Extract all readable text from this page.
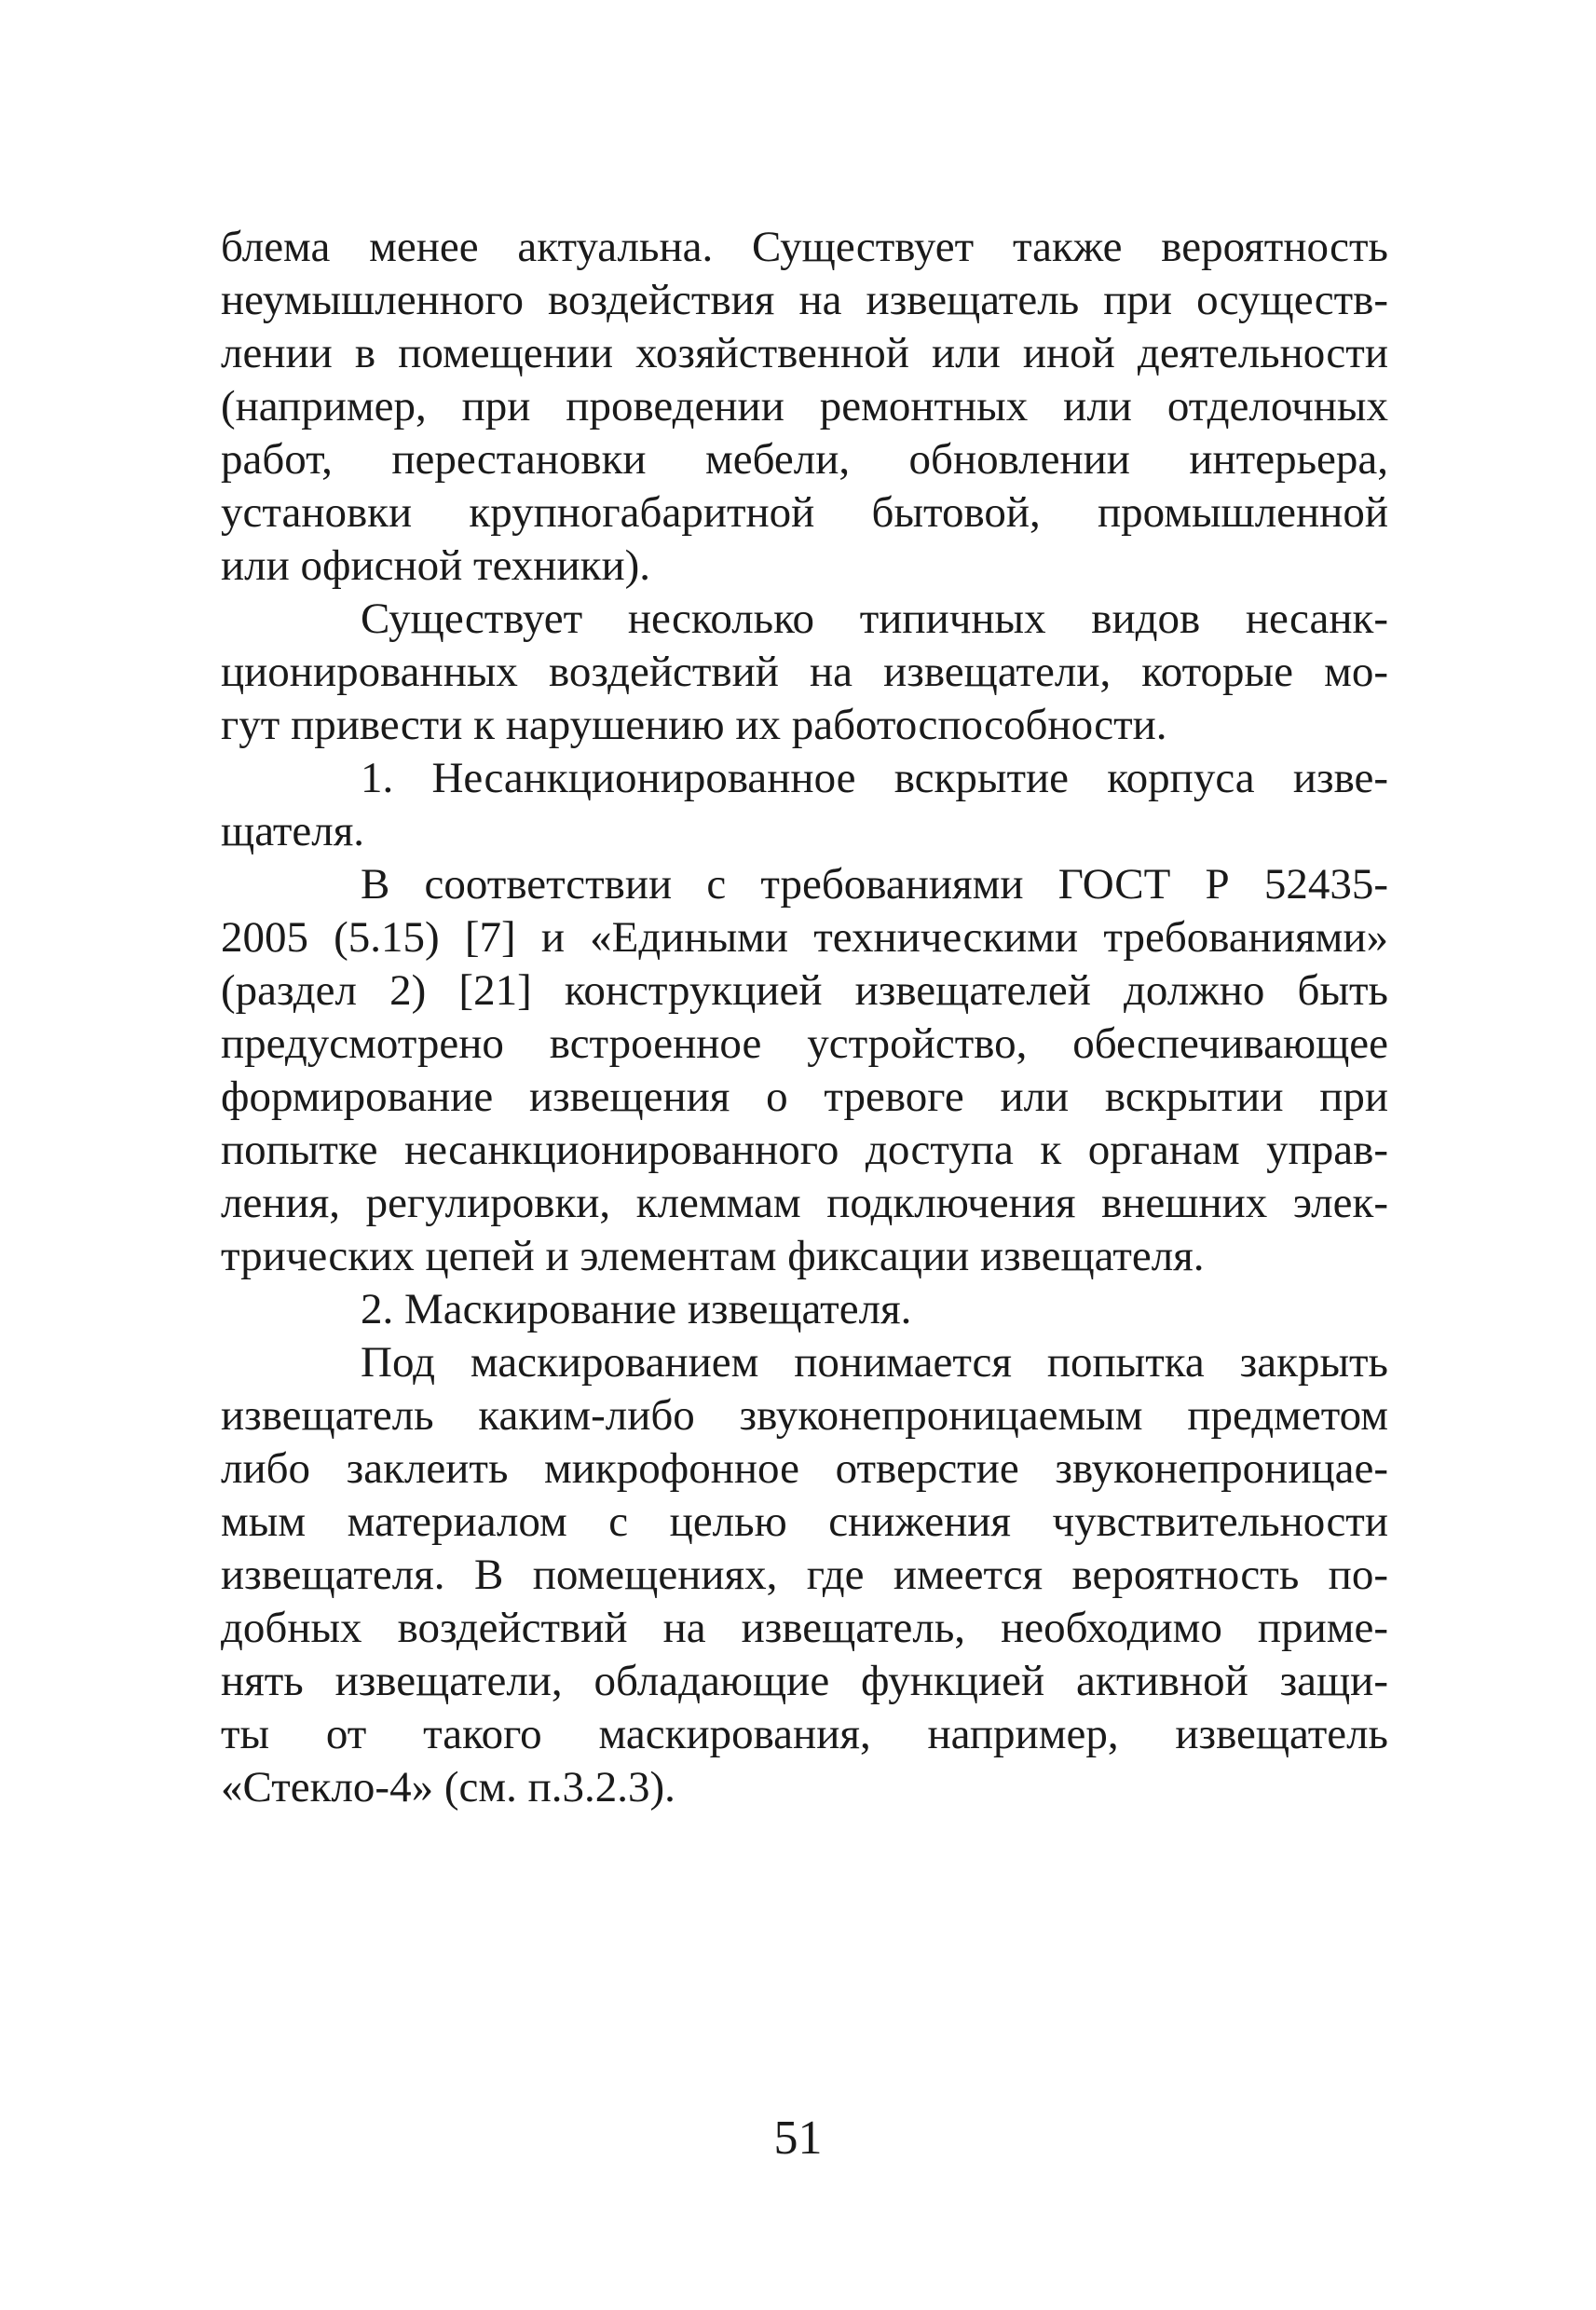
блема менее актуальна. Существует также вероятность
неумышленного воздействия на извещатель при осуществ-
лении в помещении хозяйственной или иной деятельности
(например, при проведении ремонтных или отделочных
работ, перестановки мебели, обновлении интерьера,
установки крупногабаритной бытовой, промышленной
или офисной техники).
Существует несколько типичных видов несанк-
ционированных воздействий на извещатели, которые мо-
гут привести к нарушению их работоспособности.
1. Несанкционированное вскрытие корпуса изве-
щателя.
В соответствии с требованиями ГОСТ Р 52435-
2005 (5.15) [7] и «Едиными техническими требованиями»
(раздел 2) [21] конструкцией извещателей должно быть
предусмотрено встроенное устройство, обеспечивающее
формирование извещения о тревоге или вскрытии при
попытке несанкционированного доступа к органам управ-
ления, регулировки, клеммам подключения внешних элек-
трических цепей и элементам фиксации извещателя.
2. Маскирование извещателя.
Под маскированием понимается попытка закрыть
извещатель каким-либо звуконепроницаемым предметом
либо заклеить микрофонное отверстие звуконепроницае-
мым материалом с целью снижения чувствительности
извещателя. В помещениях, где имеется вероятность по-
добных воздействий на извещатель, необходимо приме-
нять извещатели, обладающие функцией активной защи-
ты от такого маскирования, например, извещатель
«Стекло-4» (см. п.3.2.3).
51
